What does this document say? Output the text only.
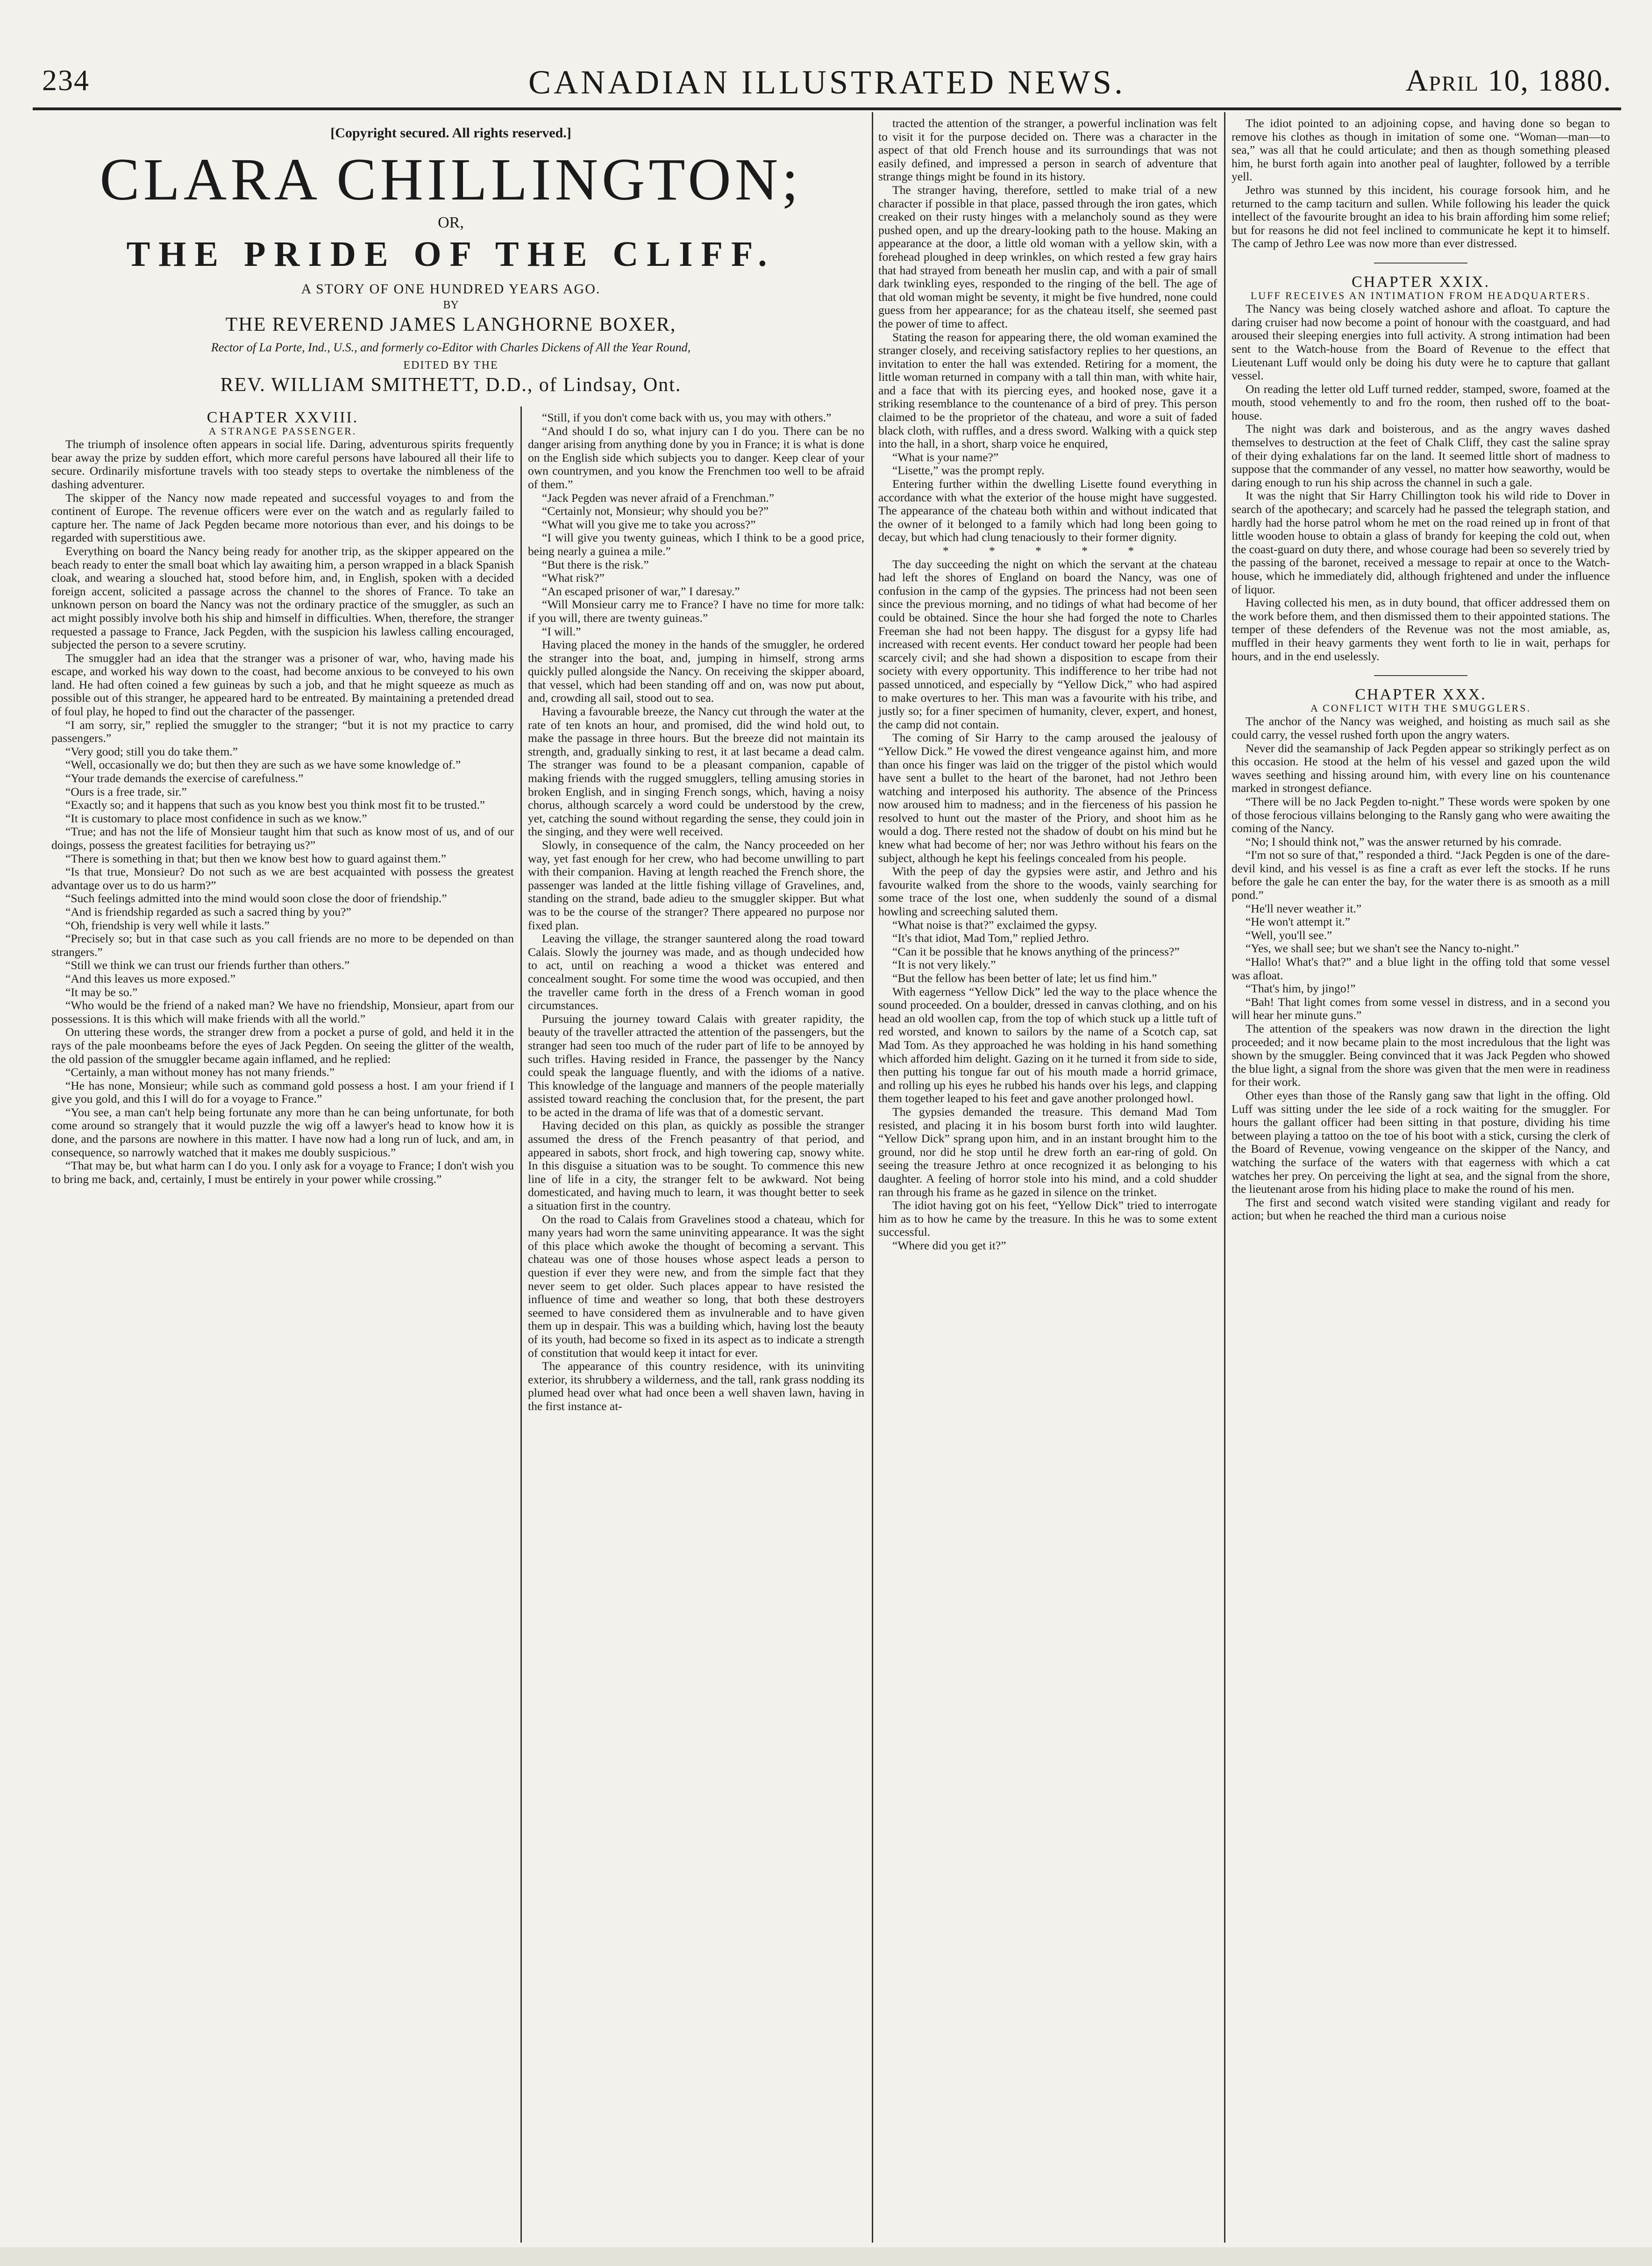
234	CANADIAN ILLUSTRATED NEWS.	April 10, 1880.
[Copyright secured. All rights reserved.]
CLARA CHILLINGTON;
OR,
THE PRIDE OF THE CLIFF.
A STORY OF ONE HUNDRED YEARS AGO.
BY
THE REVEREND JAMES LANGHORNE BOXER,
Rector of La Porte, Ind., U.S., and formerly co-Editor with Charles Dickens of All the Year Round,
EDITED BY THE
REV. WILLIAM SMITHETT, D.D., of Lindsay, Ont.

CHAPTER XXVIII.

A STRANGE PASSENGER.

The triumph of insolence often appears in social life. Daring, adventurous spirits frequently bear away the prize by sudden effort, which more careful persons have laboured all their life to secure. Ordinarily misfortune travels with too steady steps to overtake the nimbleness of the dashing adventurer.

The skipper of the Nancy now made repeated and successful voyages to and from the continent of Europe. The revenue officers were ever on the watch and as regularly failed to capture her. The name of Jack Pegden became more notorious than ever, and his doings to be regarded with superstitious awe.

Everything on board the Nancy being ready for another trip, as the skipper appeared on the beach ready to enter the small boat which lay awaiting him, a person wrapped in a black Spanish cloak, and wearing a slouched hat, stood before him, and, in English, spoken with a decided foreign accent, solicited a passage across the channel to the shores of France. To take an unknown person on board the Nancy was not the ordinary practice of the smuggler, as such an act might possibly involve both his ship and himself in difficulties. When, therefore, the stranger requested a passage to France, Jack Pegden, with the suspicion his lawless calling encouraged, subjected the person to a severe scrutiny.

The smuggler had an idea that the stranger was a prisoner of war, who, having made his escape, and worked his way down to the coast, had become anxious to be conveyed to his own land. He had often coined a few guineas by such a job, and that he might squeeze as much as possible out of this stranger, he appeared hard to be entreated. By maintaining a pretended dread of foul play, he hoped to find out the character of the passenger.

“I am sorry, sir,” replied the smuggler to the stranger; “but it is not my practice to carry passengers.”

“Very good; still you do take them.”

“Well, occasionally we do; but then they are such as we have some knowledge of.”

“Your trade demands the exercise of carefulness.”

“Ours is a free trade, sir.”

“Exactly so; and it happens that such as you know best you think most fit to be trusted.”

“It is customary to place most confidence in such as we know.”

“True; and has not the life of Monsieur taught him that such as know most of us, and of our doings, possess the greatest facilities for betraying us?”

“There is something in that; but then we know best how to guard against them.”

“Is that true, Monsieur? Do not such as we are best acquainted with possess the greatest advantage over us to do us harm?”

“Such feelings admitted into the mind would soon close the door of friendship.”

“And is friendship regarded as such a sacred thing by you?”

“Oh, friendship is very well while it lasts.”

“Precisely so; but in that case such as you call friends are no more to be depended on than strangers.”

“Still we think we can trust our friends further than others.”

“And this leaves us more exposed.”

“It may be so.”

“Who would be the friend of a naked man? We have no friendship, Monsieur, apart from our possessions. It is this which will make friends with all the world.”

On uttering these words, the stranger drew from a pocket a purse of gold, and held it in the rays of the pale moonbeams before the eyes of Jack Pegden. On seeing the glitter of the wealth, the old passion of the smuggler became again inflamed, and he replied:

“Certainly, a man without money has not many friends.”

“He has none, Monsieur; while such as command gold possess a host. I am your friend if I give you gold, and this I will do for a voyage to France.”

“You see, a man can't help being fortunate any more than he can being unfortunate, for both come around so strangely that it would puzzle the wig off a lawyer's head to know how it is done, and the parsons are nowhere in this matter. I have now had a long run of luck, and am, in consequence, so narrowly watched that it makes me doubly suspicious.”

“That may be, but what harm can I do you. I only ask for a voyage to France; I don't wish you to bring me back, and, certainly, I must be entirely in your power while crossing.”

“Still, if you don't come back with us, you may with others.”

“And should I do so, what injury can I do you. There can be no danger arising from anything done by you in France; it is what is done on the English side which subjects you to danger. Keep clear of your own countrymen, and you know the Frenchmen too well to be afraid of them.”

“Jack Pegden was never afraid of a Frenchman.”

“Certainly not, Monsieur; why should you be?”

“What will you give me to take you across?”

“I will give you twenty guineas, which I think to be a good price, being nearly a guinea a mile.”

“But there is the risk.”

“What risk?”

“An escaped prisoner of war,” I daresay.”

“Will Monsieur carry me to France? I have no time for more talk: if you will, there are twenty guineas.”

“I will.”

Having placed the money in the hands of the smuggler, he ordered the stranger into the boat, and, jumping in himself, strong arms quickly pulled alongside the Nancy. On receiving the skipper aboard, that vessel, which had been standing off and on, was now put about, and, crowding all sail, stood out to sea.

Having a favourable breeze, the Nancy cut through the water at the rate of ten knots an hour, and promised, did the wind hold out, to make the passage in three hours. But the breeze did not maintain its strength, and, gradually sinking to rest, it at last became a dead calm. The stranger was found to be a pleasant companion, capable of making friends with the rugged smugglers, telling amusing stories in broken English, and in singing French songs, which, having a noisy chorus, although scarcely a word could be understood by the crew, yet, catching the sound without regarding the sense, they could join in the singing, and they were well received.

Slowly, in consequence of the calm, the Nancy proceeded on her way, yet fast enough for her crew, who had become unwilling to part with their companion. Having at length reached the French shore, the passenger was landed at the little fishing village of Gravelines, and, standing on the strand, bade adieu to the smuggler skipper. But what was to be the course of the stranger? There appeared no purpose nor fixed plan.

Leaving the village, the stranger sauntered along the road toward Calais. Slowly the journey was made, and as though undecided how to act, until on reaching a wood a thicket was entered and concealment sought. For some time the wood was occupied, and then the traveller came forth in the dress of a French woman in good circumstances.

Pursuing the journey toward Calais with greater rapidity, the beauty of the traveller attracted the attention of the passengers, but the stranger had seen too much of the ruder part of life to be annoyed by such trifles. Having resided in France, the passenger by the Nancy could speak the language fluently, and with the idioms of a native. This knowledge of the language and manners of the people materially assisted toward reaching the conclusion that, for the present, the part to be acted in the drama of life was that of a domestic servant.

Having decided on this plan, as quickly as possible the stranger assumed the dress of the French peasantry of that period, and appeared in sabots, short frock, and high towering cap, snowy white. In this disguise a situation was to be sought. To commence this new line of life in a city, the stranger felt to be awkward. Not being domesticated, and having much to learn, it was thought better to seek a situation first in the country.

On the road to Calais from Gravelines stood a chateau, which for many years had worn the same uninviting appearance. It was the sight of this place which awoke the thought of becoming a servant. This chateau was one of those houses whose aspect leads a person to question if ever they were new, and from the simple fact that they never seem to get older. Such places appear to have resisted the influence of time and weather so long, that both these destroyers seemed to have considered them as invulnerable and to have given them up in despair. This was a building which, having lost the beauty of its youth, had become so fixed in its aspect as to indicate a strength of constitution that would keep it intact for ever.

The appearance of this country residence, with its uninviting exterior, its shrubbery a wilderness, and the tall, rank grass nodding its plumed head over what had once been a well shaven lawn, having in the first instance at-

tracted the attention of the stranger, a powerful inclination was felt to visit it for the purpose decided on. There was a character in the aspect of that old French house and its surroundings that was not easily defined, and impressed a person in search of adventure that strange things might be found in its history.

The stranger having, therefore, settled to make trial of a new character if possible in that place, passed through the iron gates, which creaked on their rusty hinges with a melancholy sound as they were pushed open, and up the dreary-looking path to the house. Making an appearance at the door, a little old woman with a yellow skin, with a forehead ploughed in deep wrinkles, on which rested a few gray hairs that had strayed from beneath her muslin cap, and with a pair of small dark twinkling eyes, responded to the ringing of the bell. The age of that old woman might be seventy, it might be five hundred, none could guess from her appearance; for as the chateau itself, she seemed past the power of time to affect.

Stating the reason for appearing there, the old woman examined the stranger closely, and receiving satisfactory replies to her questions, an invitation to enter the hall was extended. Retiring for a moment, the little woman returned in company with a tall thin man, with white hair, and a face that with its piercing eyes, and hooked nose, gave it a striking resemblance to the countenance of a bird of prey. This person claimed to be the proprietor of the chateau, and wore a suit of faded black cloth, with ruffles, and a dress sword. Walking with a quick step into the hall, in a short, sharp voice he enquired,

“What is your name?”

“Lisette,” was the prompt reply.

Entering further within the dwelling Lisette found everything in accordance with what the exterior of the house might have suggested. The appearance of the chateau both within and without indicated that the owner of it belonged to a family which had long been going to decay, but which had clung tenaciously to their former dignity.

* * * * *

The day succeeding the night on which the servant at the chateau had left the shores of England on board the Nancy, was one of confusion in the camp of the gypsies. The princess had not been seen since the previous morning, and no tidings of what had become of her could be obtained. Since the hour she had forged the note to Charles Freeman she had not been happy. The disgust for a gypsy life had increased with recent events. Her conduct toward her people had been scarcely civil; and she had shown a disposition to escape from their society with every opportunity. This indifference to her tribe had not passed unnoticed, and especially by “Yellow Dick,” who had aspired to make overtures to her. This man was a favourite with his tribe, and justly so; for a finer specimen of humanity, clever, expert, and honest, the camp did not contain.

The coming of Sir Harry to the camp aroused the jealousy of “Yellow Dick.” He vowed the direst vengeance against him, and more than once his finger was laid on the trigger of the pistol which would have sent a bullet to the heart of the baronet, had not Jethro been watching and interposed his authority. The absence of the Princess now aroused him to madness; and in the fierceness of his passion he resolved to hunt out the master of the Priory, and shoot him as he would a dog. There rested not the shadow of doubt on his mind but he knew what had become of her; nor was Jethro without his fears on the subject, although he kept his feelings concealed from his people.

With the peep of day the gypsies were astir, and Jethro and his favourite walked from the shore to the woods, vainly searching for some trace of the lost one, when suddenly the sound of a dismal howling and screeching saluted them.

“What noise is that?” exclaimed the gypsy.

“It's that idiot, Mad Tom,” replied Jethro.

“Can it be possible that he knows anything of the princess?”

“It is not very likely.”

“But the fellow has been better of late; let us find him.”

With eagerness “Yellow Dick” led the way to the place whence the sound proceeded. On a boulder, dressed in canvas clothing, and on his head an old woollen cap, from the top of which stuck up a little tuft of red worsted, and known to sailors by the name of a Scotch cap, sat Mad Tom. As they approached he was holding in his hand something which afforded him delight. Gazing on it he turned it from side to side, then putting his tongue far out of his mouth made a horrid grimace, and rolling up his eyes he rubbed his hands over his legs, and clapping them together leaped to his feet and gave another prolonged howl.

The gypsies demanded the treasure. This demand Mad Tom resisted, and placing it in his bosom burst forth into wild laughter. “Yellow Dick” sprang upon him, and in an instant brought him to the ground, nor did he stop until he drew forth an ear-ring of gold. On seeing the treasure Jethro at once recognized it as belonging to his daughter. A feeling of horror stole into his mind, and a cold shudder ran through his frame as he gazed in silence on the trinket.

The idiot having got on his feet, “Yellow Dick” tried to interrogate him as to how he came by the treasure. In this he was to some extent successful.

“Where did you get it?”

The idiot pointed to an adjoining copse, and having done so began to remove his clothes as though in imitation of some one. “Woman—man—to sea,” was all that he could articulate; and then as though something pleased him, he burst forth again into another peal of laughter, followed by a terrible yell.

Jethro was stunned by this incident, his courage forsook him, and he returned to the camp taciturn and sullen. While following his leader the quick intellect of the favourite brought an idea to his brain affording him some relief; but for reasons he did not feel inclined to communicate he kept it to himself. The camp of Jethro Lee was now more than ever distressed.

CHAPTER XXIX.

LUFF RECEIVES AN INTIMATION FROM HEADQUARTERS.

The Nancy was being closely watched ashore and afloat. To capture the daring cruiser had now become a point of honour with the coastguard, and had aroused their sleeping energies into full activity. A strong intimation had been sent to the Watch-house from the Board of Revenue to the effect that Lieutenant Luff would only be doing his duty were he to capture that gallant vessel.

On reading the letter old Luff turned redder, stamped, swore, foamed at the mouth, stood vehemently to and fro the room, then rushed off to the boat-house.

The night was dark and boisterous, and as the angry waves dashed themselves to destruction at the feet of Chalk Cliff, they cast the saline spray of their dying exhalations far on the land. It seemed little short of madness to suppose that the commander of any vessel, no matter how seaworthy, would be daring enough to run his ship across the channel in such a gale.

It was the night that Sir Harry Chillington took his wild ride to Dover in search of the apothecary; and scarcely had he passed the telegraph station, and hardly had the horse patrol whom he met on the road reined up in front of that little wooden house to obtain a glass of brandy for keeping the cold out, when the coast-guard on duty there, and whose courage had been so severely tried by the passing of the baronet, received a message to repair at once to the Watch-house, which he immediately did, although frightened and under the influence of liquor.

Having collected his men, as in duty bound, that officer addressed them on the work before them, and then dismissed them to their appointed stations. The temper of these defenders of the Revenue was not the most amiable, as, muffled in their heavy garments they went forth to lie in wait, perhaps for hours, and in the end uselessly.

CHAPTER XXX.

A CONFLICT WITH THE SMUGGLERS.

The anchor of the Nancy was weighed, and hoisting as much sail as she could carry, the vessel rushed forth upon the angry waters.

Never did the seamanship of Jack Pegden appear so strikingly perfect as on this occasion. He stood at the helm of his vessel and gazed upon the wild waves seething and hissing around him, with every line on his countenance marked in strongest defiance.

“There will be no Jack Pegden to-night.” These words were spoken by one of those ferocious villains belonging to the Ransly gang who were awaiting the coming of the Nancy.

“No; I should think not,” was the answer returned by his comrade.

“I'm not so sure of that,” responded a third. “Jack Pegden is one of the dare-devil kind, and his vessel is as fine a craft as ever left the stocks. If he runs before the gale he can enter the bay, for the water there is as smooth as a mill pond.”

“He'll never weather it.”

“He won't attempt it.”

“Well, you'll see.”

“Yes, we shall see; but we shan't see the Nancy to-night.”

“Hallo! What's that?” and a blue light in the offing told that some vessel was afloat.

“That's him, by jingo!”

“Bah! That light comes from some vessel in distress, and in a second you will hear her minute guns.”

The attention of the speakers was now drawn in the direction the light proceeded; and it now became plain to the most incredulous that the light was shown by the smuggler. Being convinced that it was Jack Pegden who showed the blue light, a signal from the shore was given that the men were in readiness for their work.

Other eyes than those of the Ransly gang saw that light in the offing. Old Luff was sitting under the lee side of a rock waiting for the smuggler. For hours the gallant officer had been sitting in that posture, dividing his time between playing a tattoo on the toe of his boot with a stick, cursing the clerk of the Board of Revenue, vowing vengeance on the skipper of the Nancy, and watching the surface of the waters with that eagerness with which a cat watches her prey. On perceiving the light at sea, and the signal from the shore, the lieutenant arose from his hiding place to make the round of his men.

The first and second watch visited were standing vigilant and ready for action; but when he reached the third man a curious noise
